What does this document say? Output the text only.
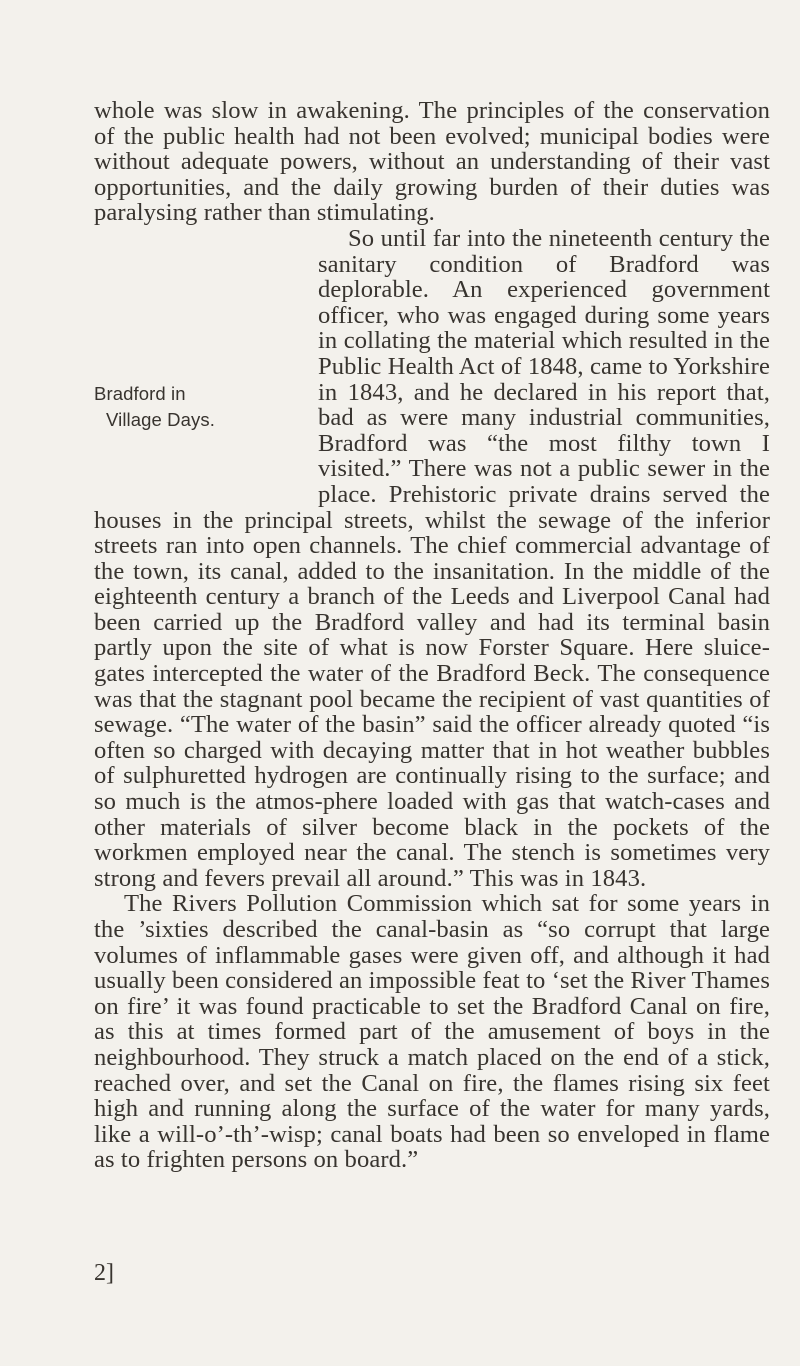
whole was slow in awakening. The principles of the conservation of the public health had not been evolved; municipal bodies were without adequate powers, without an understanding of their vast opportunities, and the daily growing burden of their duties was paralysing rather than stimulating.

Bradford in
Village Days.
So until far into the nineteenth century the sanitary condition of Bradford was deplorable. An experienced government officer, who was engaged during some years in collating the material which resulted in the Public Health Act of 1848, came to Yorkshire in 1843, and he declared in his report that, bad as were many industrial communities, Bradford was “the most filthy town I visited.” There was not a public sewer in the place. Prehistoric private drains served the houses in the principal streets, whilst the sewage of the inferior streets ran into open channels. The chief commercial advantage of the town, its canal, added to the insanitation. In the middle of the eighteenth century a branch of the Leeds and Liverpool Canal had been carried up the Bradford valley and had its terminal basin partly upon the site of what is now Forster Square. Here sluice-gates intercepted the water of the Bradford Beck. The consequence was that the stagnant pool became the recipient of vast quantities of sewage. “The water of the basin” said the officer already quoted “is often so charged with decaying matter that in hot weather bubbles of sulphuretted hydrogen are continually rising to the surface; and so much is the atmos-phere loaded with gas that watch-cases and other materials of silver become black in the pockets of the workmen employed near the canal. The stench is sometimes very strong and fevers prevail all around.” This was in 1843.

The Rivers Pollution Commission which sat for some years in the ’sixties described the canal-basin as “so corrupt that large volumes of inflammable gases were given off, and although it had usually been considered an impossible feat to ‘set the River Thames on fire’ it was found practicable to set the Bradford Canal on fire, as this at times formed part of the amusement of boys in the neighbourhood. They struck a match placed on the end of a stick, reached over, and set the Canal on fire, the flames rising six feet high and running along the surface of the water for many yards, like a will-o’-th’-wisp; canal boats had been so enveloped in flame as to frighten persons on board.”

2]
